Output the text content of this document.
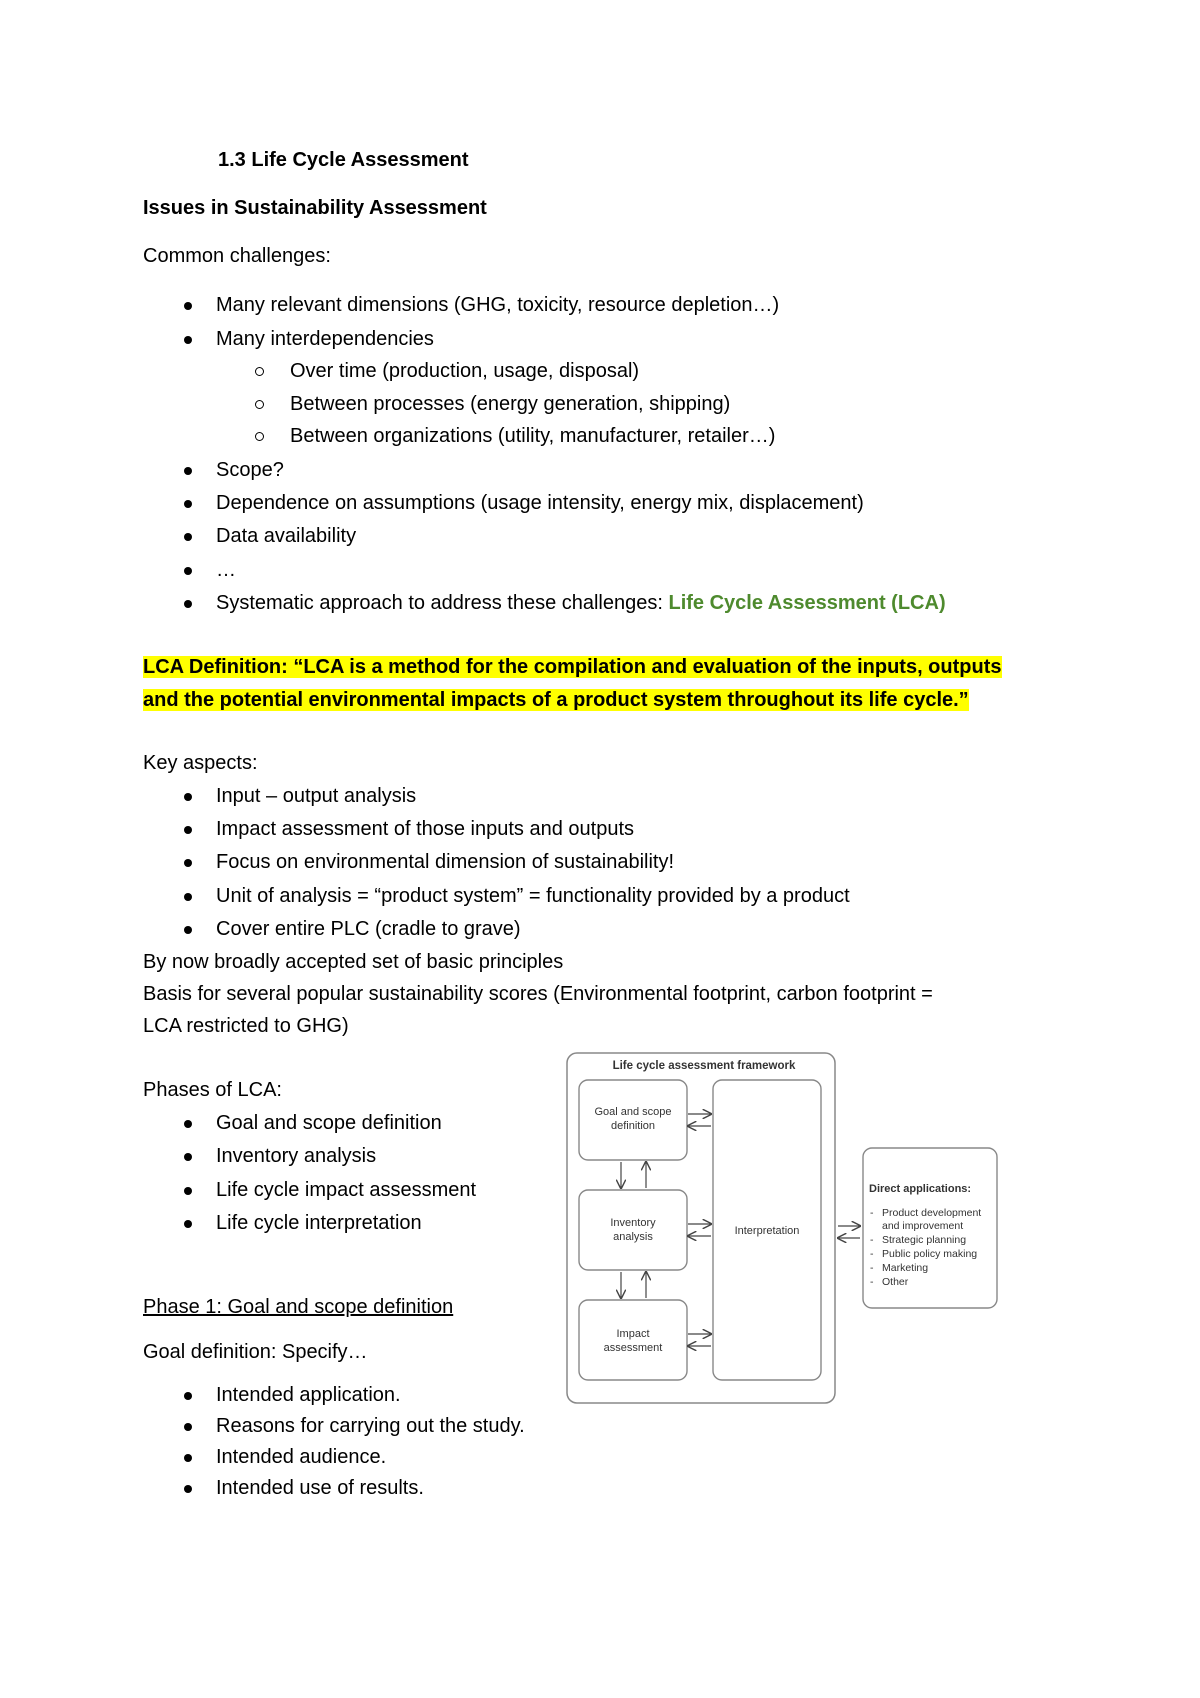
1.3 Life Cycle Assessment
Issues in Sustainability Assessment
Common challenges:
Many relevant dimensions (GHG, toxicity, resource depletion…)
Many interdependencies
Over time (production, usage, disposal)
Between processes (energy generation, shipping)
Between organizations (utility, manufacturer, retailer…)
Scope?
Dependence on assumptions (usage intensity, energy mix, displacement)
Data availability
…
Systematic approach to address these challenges: Life Cycle Assessment (LCA)
LCA Definition: “LCA is a method for the compilation and evaluation of the inputs, outputs
and the potential environmental impacts of a product system throughout its life cycle.”
Key aspects:
Input – output analysis
Impact assessment of those inputs and outputs
Focus on environmental dimension of sustainability!
Unit of analysis = “product system” = functionality provided by a product
Cover entire PLC (cradle to grave)
By now broadly accepted set of basic principles
Basis for several popular sustainability scores (Environmental footprint, carbon footprint =
LCA restricted to GHG)
Phases of LCA:
Goal and scope definition
Inventory analysis
Life cycle impact assessment
Life cycle interpretation
Phase 1: Goal and scope definition
Goal definition: Specify…
Intended application.
Reasons for carrying out the study.
Intended audience.
Intended use of results.
Life cycle assessment framework
Goal and scope
definition
Inventory
analysis
Impact
assessment
Interpretation
Direct applications:
- Product development
and improvement
- Strategic planning
- Public policy making
- Marketing
- Other
